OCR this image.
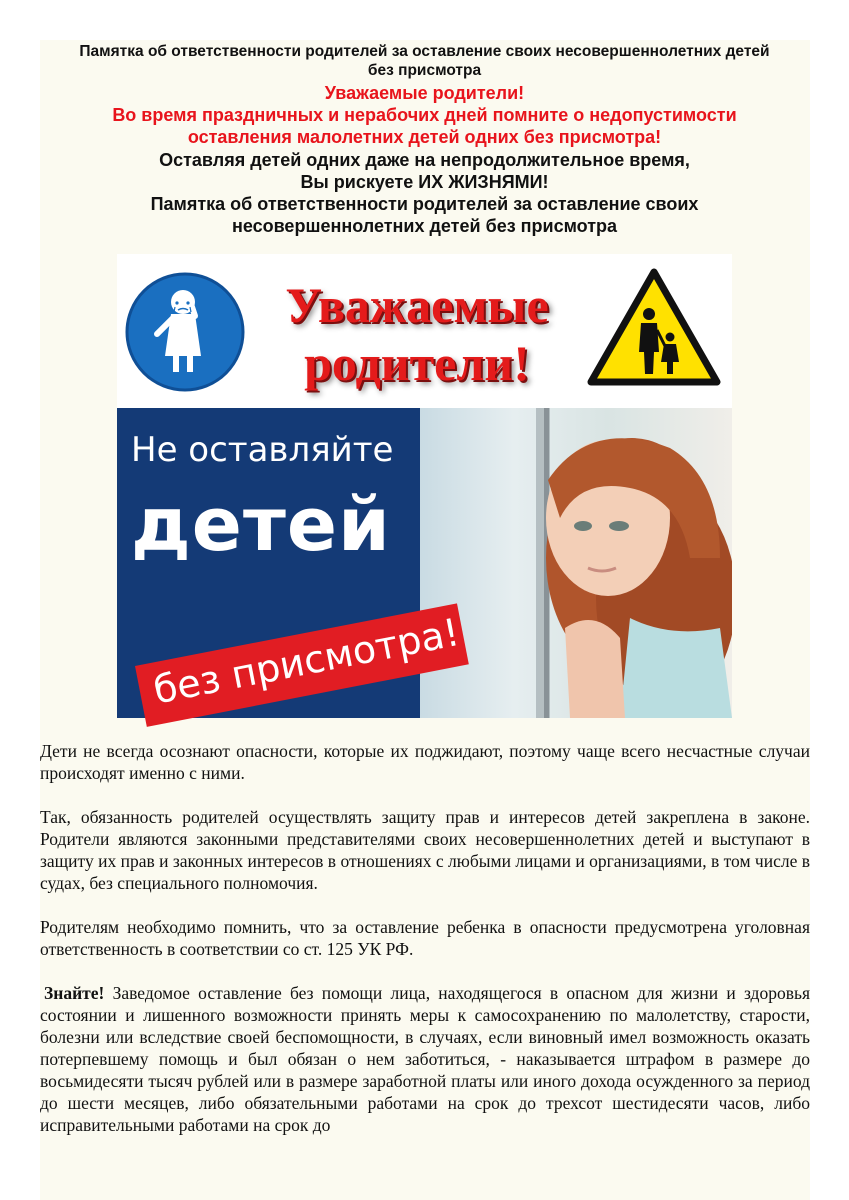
Памятка об ответственности родителей за оставление своих несовершеннолетних детей

без присмотра

Уважаемые родители!

Во время праздничных и нерабочих дней помните о недопустимости

оставления малолетних детей одних без присмотра!

Оставляя детей одних даже на непродолжительное время,

Вы рискуете ИХ ЖИЗНЯМИ!

Памятка об ответственности родителей за оставление своих

несовершеннолетних детей без присмотра

Уважаемые
родители!
Не оставляйте
детей
без присмотра!

Дети не всегда осознают опасности, которые их поджидают, поэтому чаще всего несчастные случаи происходят именно с ними.

Так, обязанность родителей осуществлять защиту прав и интересов детей закреплена в законе. Родители являются законными представителями своих несовершеннолетних детей и выступают в защиту их прав и законных интересов в отношениях с любыми лицами и организациями, в том числе в судах, без специального полномочия.

Родителям необходимо помнить, что за оставление ребенка в опасности предусмотрена уголовная ответственность в соответствии со ст. 125 УК РФ.

Знайте! Заведомое оставление без помощи лица, находящегося в опасном для жизни и здоровья состоянии и лишенного возможности принять меры к самосохранению по малолетству, старости, болезни или вследствие своей беспомощности, в случаях, если виновный имел возможность оказать потерпевшему помощь и был обязан о нем заботиться, - наказывается штрафом в размере до восьмидесяти тысяч рублей или в размере заработной платы или иного дохода осужденного за период до шести месяцев, либо обязательными работами на срок до трехсот шестидесяти часов, либо исправительными работами на срок до
